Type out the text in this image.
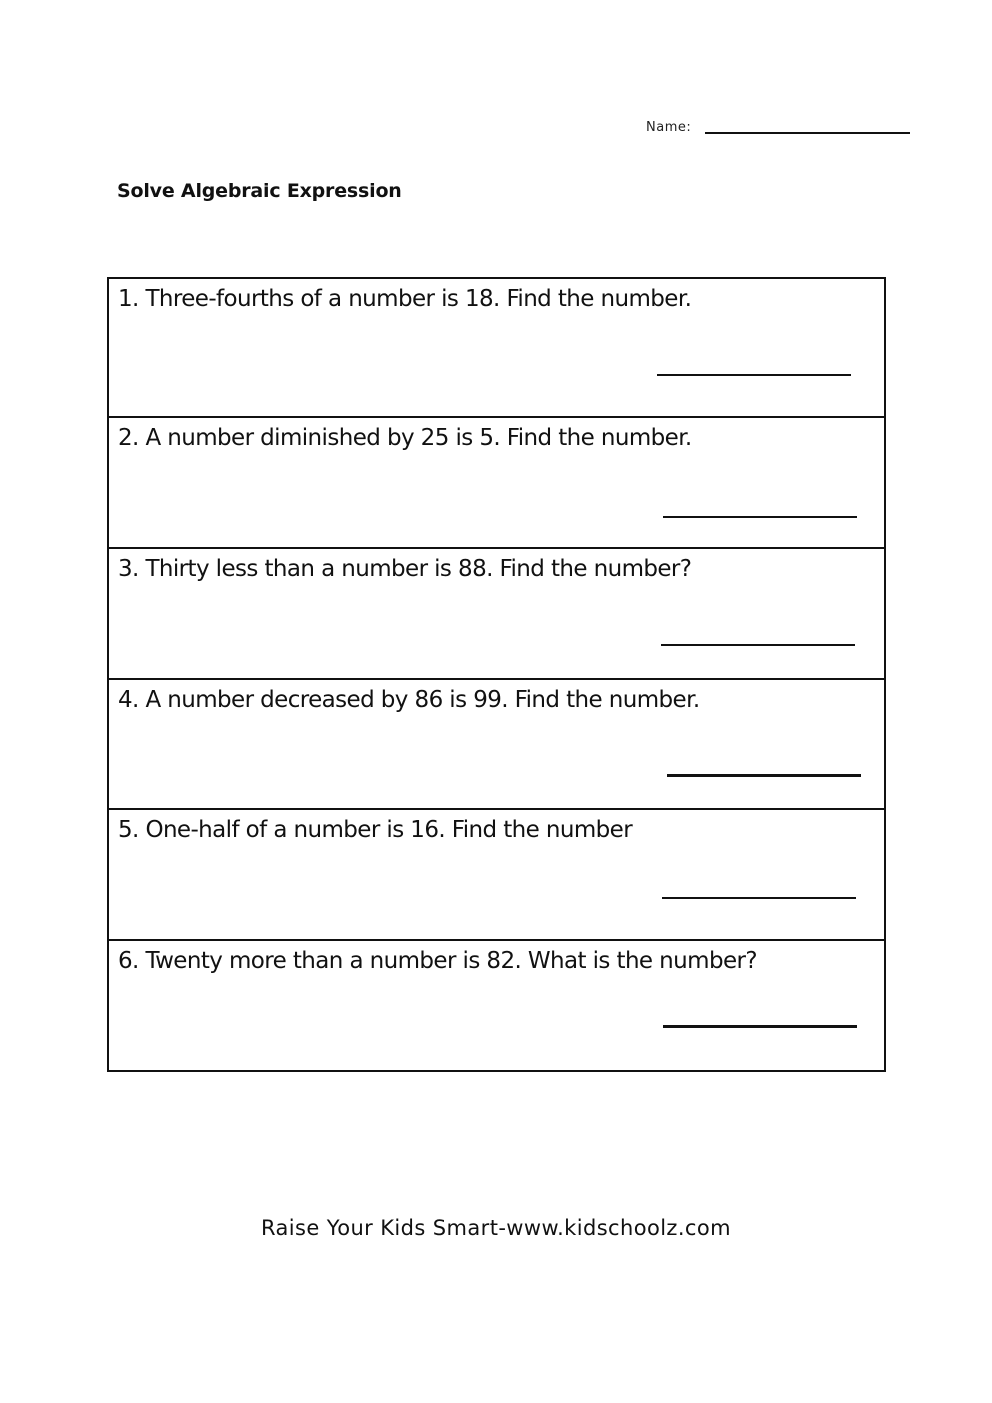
Name:
Solve Algebraic Expression
1. Three-fourths of a number is 18. Find the number.
2. A number diminished by 25 is 5. Find the number.
3. Thirty less than a number is 88. Find the number?
4. A number decreased by 86 is 99. Find the number.
5. One-half of a number is 16. Find the number
6. Twenty more than a number is 82. What is the number?
Raise Your Kids Smart-www.kidschoolz.com
